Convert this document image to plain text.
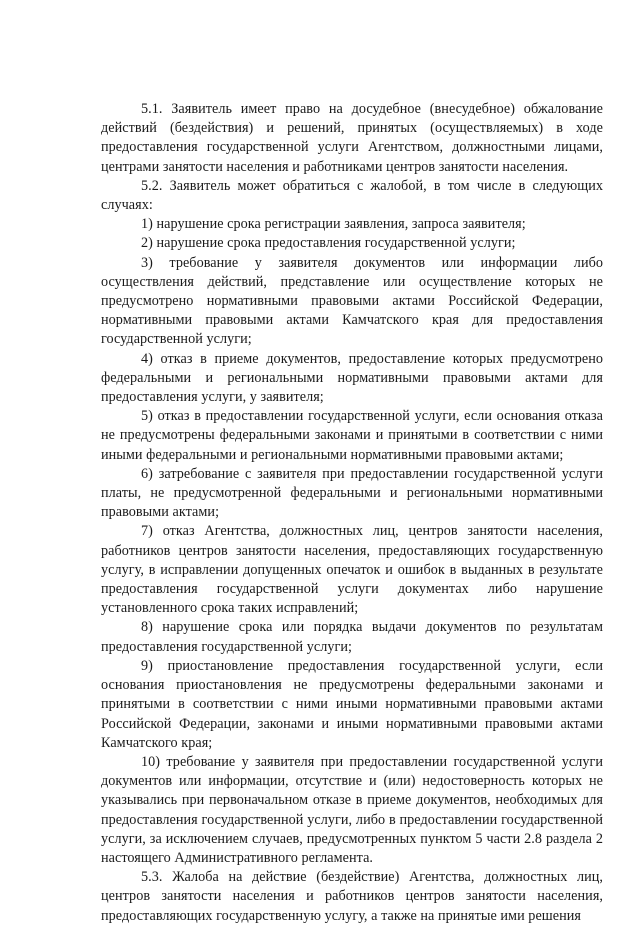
5.1. Заявитель имеет право на досудебное (внесудебное) обжалование действий (бездействия) и решений, принятых (осуществляемых) в ходе предоставления государственной услуги Агентством, должностными лицами, центрами занятости населения и работниками центров занятости населения.

5.2. Заявитель может обратиться с жалобой, в том числе в следующих случаях:

1) нарушение срока регистрации заявления, запроса заявителя;

2) нарушение срока предоставления государственной услуги;

3) требование у заявителя документов или информации либо осуществления действий, представление или осуществление которых не предусмотрено нормативными правовыми актами Российской Федерации, нормативными правовыми актами Камчатского края для предоставления государственной услуги;

4) отказ в приеме документов, предоставление которых предусмотрено федеральными и региональными нормативными правовыми актами для предоставления услуги, у заявителя;

5) отказ в предоставлении государственной услуги, если основания отказа не предусмотрены федеральными законами и принятыми в соответствии с ними иными федеральными и региональными нормативными правовыми актами;

6) затребование с заявителя при предоставлении государственной услуги платы, не предусмотренной федеральными и региональными нормативными правовыми актами;

7) отказ Агентства, должностных лиц, центров занятости населения, работников центров занятости населения, предоставляющих государственную услугу, в исправлении допущенных опечаток и ошибок в выданных в результате предоставления государственной услуги документах либо нарушение установленного срока таких исправлений;

8) нарушение срока или порядка выдачи документов по результатам предоставления государственной услуги;

9) приостановление предоставления государственной услуги, если основания приостановления не предусмотрены федеральными законами и принятыми в соответствии с ними иными нормативными правовыми актами Российской Федерации, законами и иными нормативными правовыми актами Камчатского края;

10) требование у заявителя при предоставлении государственной услуги документов или информации, отсутствие и (или) недостоверность которых не указывались при первоначальном отказе в приеме документов, необходимых для предоставления государственной услуги, либо в предоставлении государственной услуги, за исключением случаев, предусмотренных пунктом 5 части 2.8 раздела 2 настоящего Административного регламента.

5.3. Жалоба на действие (бездействие) Агентства, должностных лиц, центров занятости населения и работников центров занятости населения, предоставляющих государственную услугу, а также на принятые ими решения
